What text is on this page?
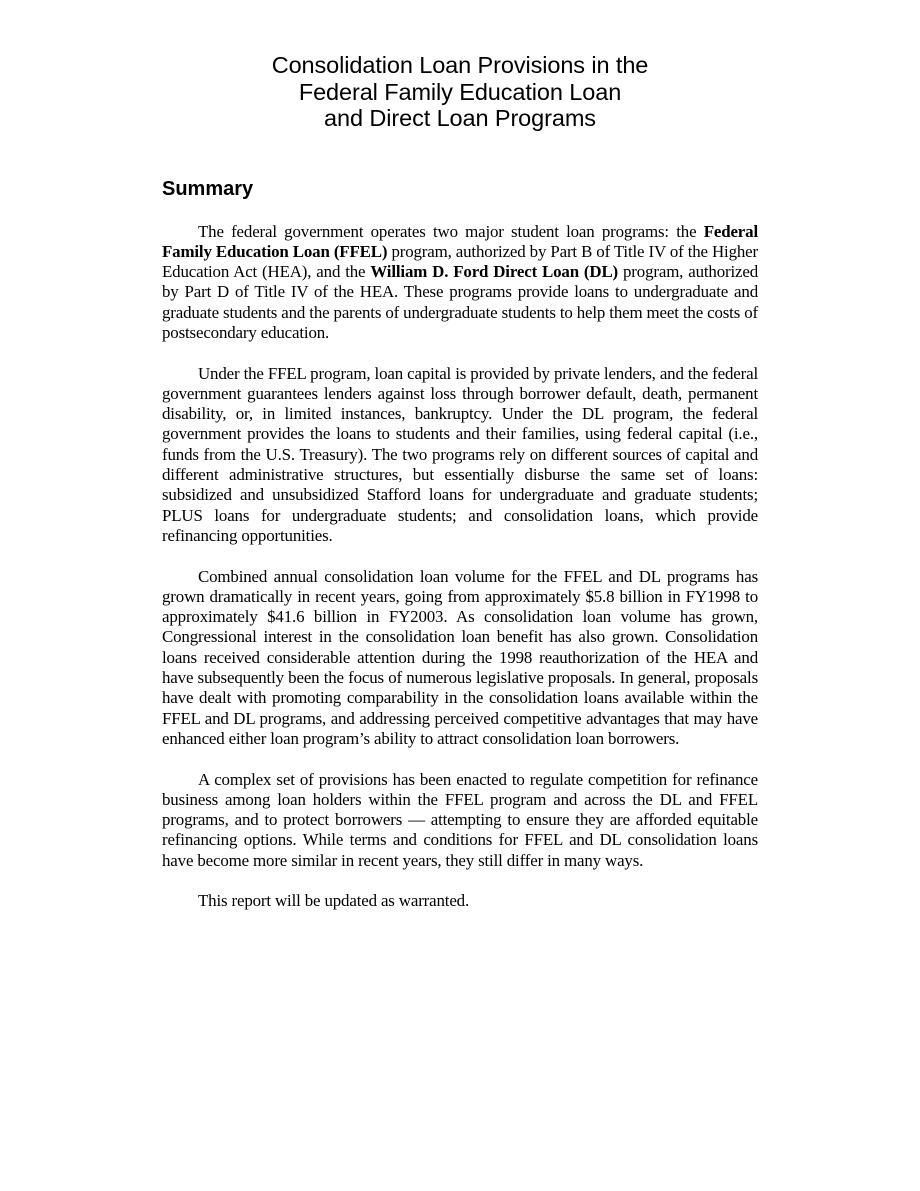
Consolidation Loan Provisions in the
Federal Family Education Loan
and Direct Loan Programs
Summary

The federal government operates two major student loan programs: the Federal Family Education Loan (FFEL) program, authorized by Part B of Title IV of the Higher Education Act (HEA), and the William D. Ford Direct Loan (DL) program, authorized by Part D of Title IV of the HEA. These programs provide loans to undergraduate and graduate students and the parents of undergraduate students to help them meet the costs of postsecondary education.

Under the FFEL program, loan capital is provided by private lenders, and the federal government guarantees lenders against loss through borrower default, death, permanent disability, or, in limited instances, bankruptcy. Under the DL program, the federal government provides the loans to students and their families, using federal capital (i.e., funds from the U.S. Treasury). The two programs rely on different sources of capital and different administrative structures, but essentially disburse the same set of loans: subsidized and unsubsidized Stafford loans for undergraduate and graduate students; PLUS loans for undergraduate students; and consolidation loans, which provide refinancing opportunities.

Combined annual consolidation loan volume for the FFEL and DL programs has grown dramatically in recent years, going from approximately $5.8 billion in FY1998 to approximately $41.6 billion in FY2003. As consolidation loan volume has grown, Congressional interest in the consolidation loan benefit has also grown. Consolidation loans received considerable attention during the 1998 reauthorization of the HEA and have subsequently been the focus of numerous legislative proposals. In general, proposals have dealt with promoting comparability in the consolidation loans available within the FFEL and DL programs, and addressing perceived competitive advantages that may have enhanced either loan program’s ability to attract consolidation loan borrowers.

A complex set of provisions has been enacted to regulate competition for refinance business among loan holders within the FFEL program and across the DL and FFEL programs, and to protect borrowers — attempting to ensure they are afforded equitable refinancing options. While terms and conditions for FFEL and DL consolidation loans have become more similar in recent years, they still differ in many ways.

This report will be updated as warranted.
